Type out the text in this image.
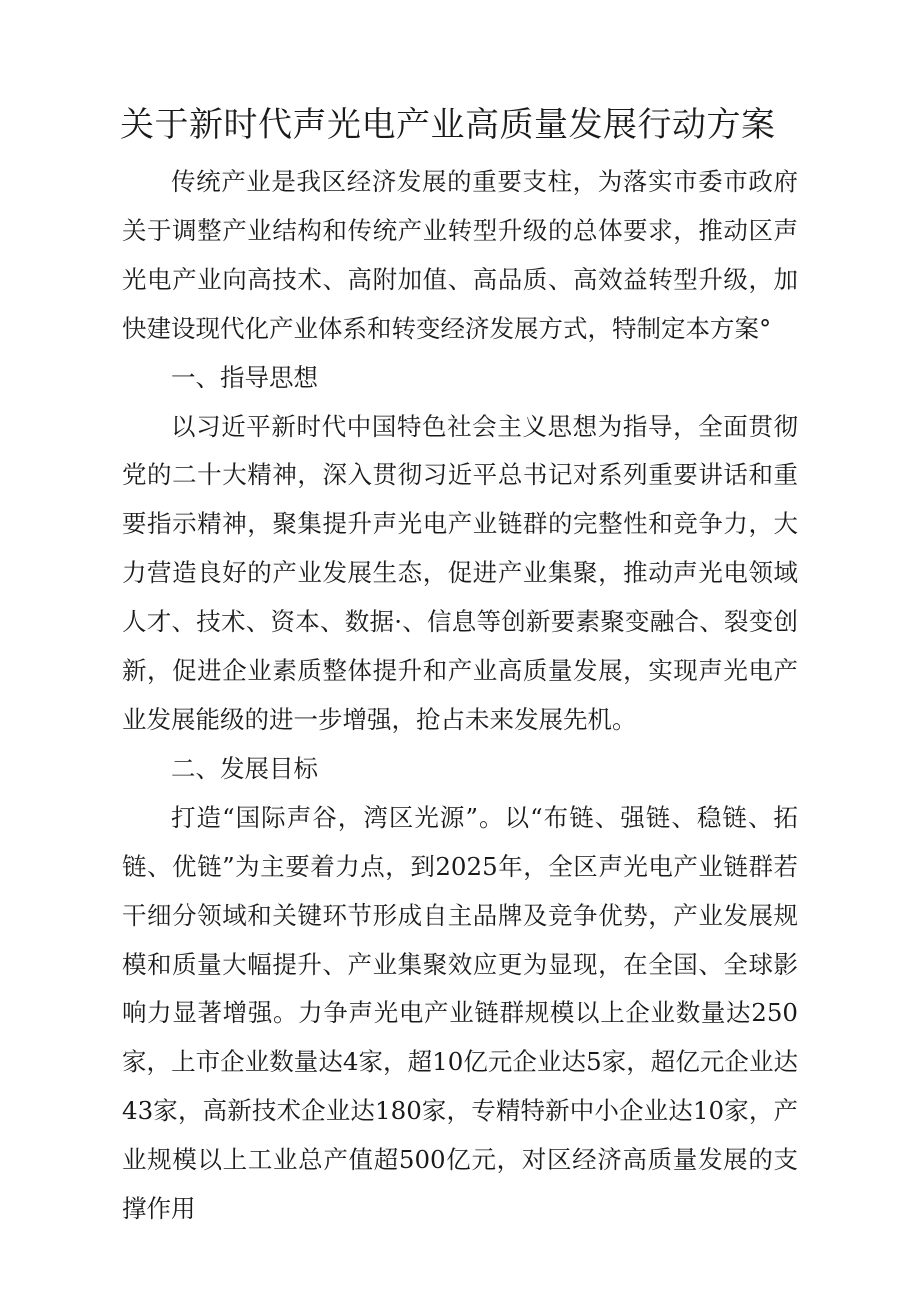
关于新时代声光电产业高质量发展行动方案

传统产业是我区经济发展的重要支柱，为落实市委市政府关于调整产业结构和传统产业转型升级的总体要求，推动区声光电产业向高技术、高附加值、高品质、高效益转型升级，加快建设现代化产业体系和转变经济发展方式，特制定本方案°

一、指导思想

以习近平新时代中国特色社会主义思想为指导，全面贯彻党的二十大精神，深入贯彻习近平总书记对系列重要讲话和重要指示精神，聚集提升声光电产业链群的完整性和竞争力，大力营造良好的产业发展生态，促进产业集聚，推动声光电领域人才、技术、资本、数据·、信息等创新要素聚变融合、裂变创新，促进企业素质整体提升和产业高质量发展，实现声光电产业发展能级的进一步增强，抢占未来发展先机。

二、发展目标

打造“国际声谷，湾区光源”。以“布链、强链、稳链、拓链、优链”为主要着力点，到2025年，全区声光电产业链群若干细分领域和关键环节形成自主品牌及竞争优势，产业发展规模和质量大幅提升、产业集聚效应更为显现，在全国、全球影响力显著增强。力争声光电产业链群规模以上企业数量达250家，上市企业数量达4家，超10亿元企业达5家，超亿元企业达43家，高新技术企业达180家，专精特新中小企业达10家，产业规模以上工业总产值超500亿元，对区经济高质量发展的支撑作用
